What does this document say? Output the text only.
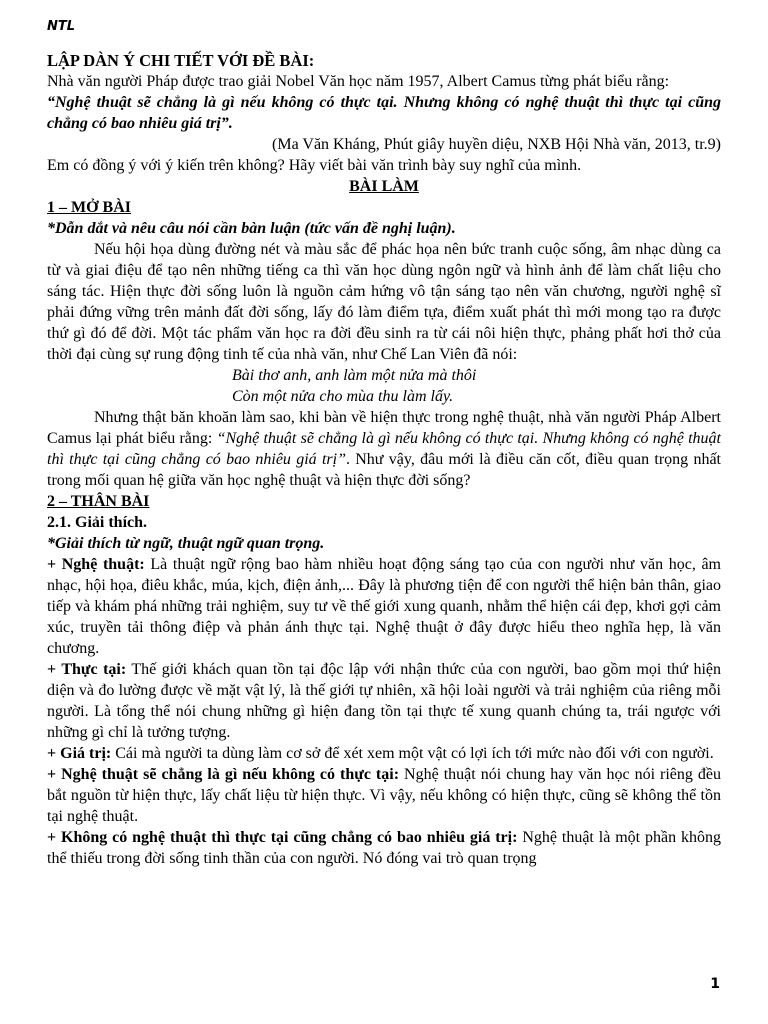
NTL

LẬP DÀN Ý CHI TIẾT VỚI ĐỀ BÀI:

Nhà văn người Pháp được trao giải Nobel Văn học năm 1957, Albert Camus từng phát biểu rằng:

“Nghệ thuật sẽ chẳng là gì nếu không có thực tại. Nhưng không có nghệ thuật thì thực tại cũng chẳng có bao nhiêu giá trị”.

(Ma Văn Kháng, Phút giây huyền diệu, NXB Hội Nhà văn, 2013, tr.9)

Em có đồng ý với ý kiến trên không? Hãy viết bài văn trình bày suy nghĩ của mình.

BÀI LÀM

1 – MỞ BÀI

*Dẫn dắt và nêu câu nói cần bàn luận (tức vấn đề nghị luận).

Nếu hội họa dùng đường nét và màu sắc để phác họa nên bức tranh cuộc sống, âm nhạc dùng ca từ và giai điệu để tạo nên những tiếng ca thì văn học dùng ngôn ngữ và hình ảnh để làm chất liệu cho sáng tác. Hiện thực đời sống luôn là nguồn cảm hứng vô tận sáng tạo nên văn chương, người nghệ sĩ phải đứng vững trên mảnh đất đời sống, lấy đó làm điểm tựa, điểm xuất phát thì mới mong tạo ra được thứ gì đó để đời. Một tác phẩm văn học ra đời đều sinh ra từ cái nôi hiện thực, phảng phất hơi thở của thời đại cùng sự rung động tinh tế của nhà văn, như Chế Lan Viên đã nói:

Bài thơ anh, anh làm một nửa mà thôi

Còn một nửa cho mùa thu làm lấy.

Nhưng thật băn khoăn làm sao, khi bàn về hiện thực trong nghệ thuật, nhà văn người Pháp Albert Camus lại phát biểu rằng: “Nghệ thuật sẽ chẳng là gì nếu không có thực tại. Nhưng không có nghệ thuật thì thực tại cũng chẳng có bao nhiêu giá trị”. Như vậy, đâu mới là điều căn cốt, điều quan trọng nhất trong mối quan hệ giữa văn học nghệ thuật và hiện thực đời sống?

2 – THÂN BÀI

2.1. Giải thích.

*Giải thích từ ngữ, thuật ngữ quan trọng.

+ Nghệ thuật: Là thuật ngữ rộng bao hàm nhiều hoạt động sáng tạo của con người như văn học, âm nhạc, hội họa, điêu khắc, múa, kịch, điện ảnh,... Đây là phương tiện để con người thể hiện bản thân, giao tiếp và khám phá những trải nghiệm, suy tư về thế giới xung quanh, nhằm thể hiện cái đẹp, khơi gợi cảm xúc, truyền tải thông điệp và phản ánh thực tại. Nghệ thuật ở đây được hiểu theo nghĩa hẹp, là văn chương.

+ Thực tại: Thế giới khách quan tồn tại độc lập với nhận thức của con người, bao gồm mọi thứ hiện diện và đo lường được về mặt vật lý, là thế giới tự nhiên, xã hội loài người và trải nghiệm của riêng mỗi người. Là tổng thể nói chung những gì hiện đang tồn tại thực tế xung quanh chúng ta, trái ngược với những gì chỉ là tưởng tượng.

+ Giá trị: Cái mà người ta dùng làm cơ sở để xét xem một vật có lợi ích tới mức nào đối với con người.

+ Nghệ thuật sẽ chẳng là gì nếu không có thực tại: Nghệ thuật nói chung hay văn học nói riêng đều bắt nguồn từ hiện thực, lấy chất liệu từ hiện thực. Vì vậy, nếu không có hiện thực, cũng sẽ không thể tồn tại nghệ thuật.

+ Không có nghệ thuật thì thực tại cũng chẳng có bao nhiêu giá trị: Nghệ thuật là một phần không thể thiếu trong đời sống tinh thần của con người. Nó đóng vai trò quan trọng

1
